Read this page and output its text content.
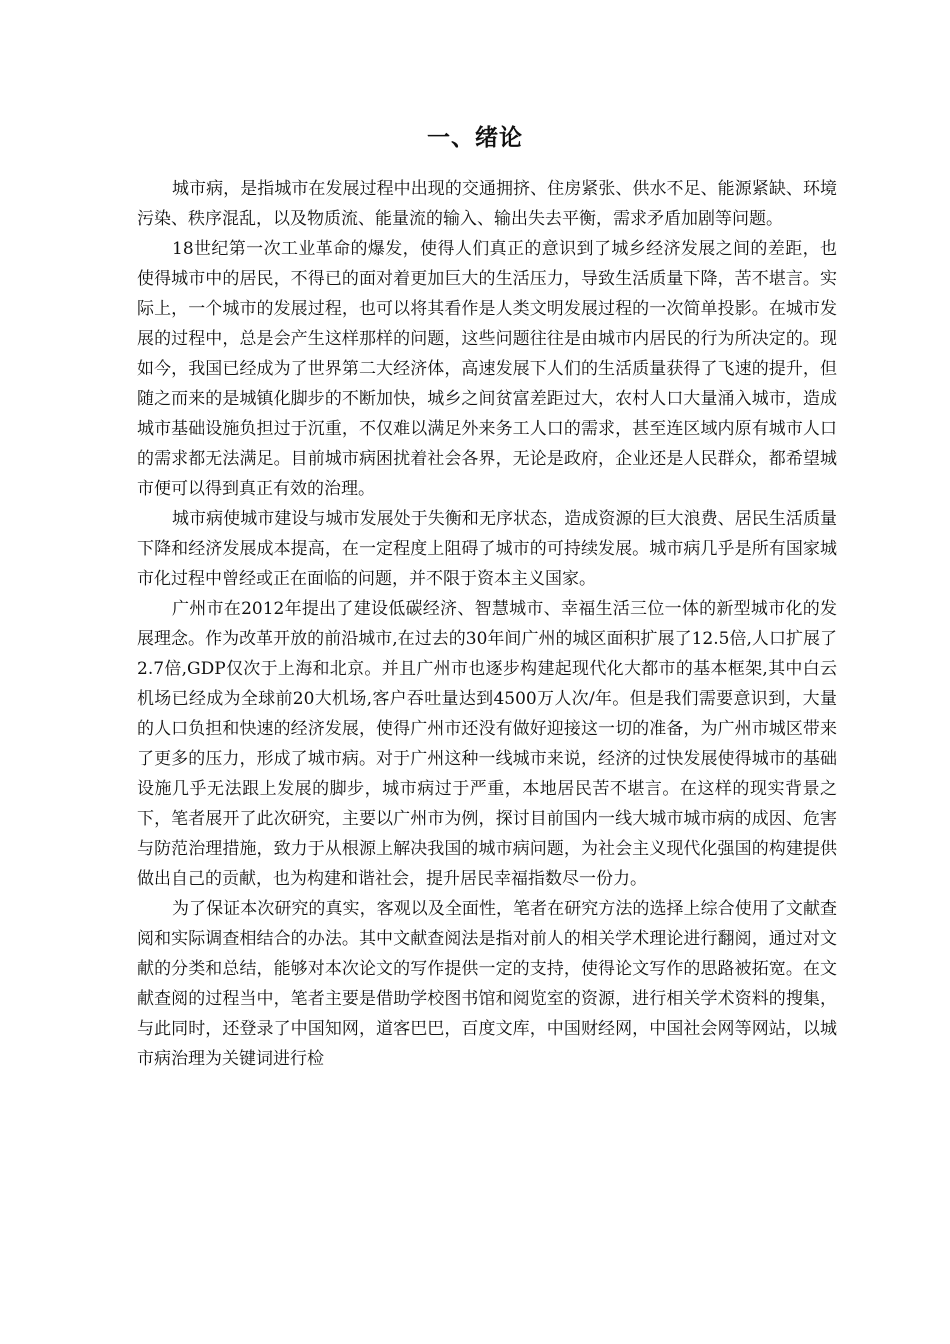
一、绪论

城市病，是指城市在发展过程中出现的交通拥挤、住房紧张、供水不足、能源紧缺、环境污染、秩序混乱，以及物质流、能量流的输入、输出失去平衡，需求矛盾加剧等问题。

18世纪第一次工业革命的爆发，使得人们真正的意识到了城乡经济发展之间的差距，也使得城市中的居民，不得已的面对着更加巨大的生活压力，导致生活质量下降，苦不堪言。实际上，一个城市的发展过程，也可以将其看作是人类文明发展过程的一次简单投影。在城市发展的过程中，总是会产生这样那样的问题，这些问题往往是由城市内居民的行为所决定的。现如今，我国已经成为了世界第二大经济体，高速发展下人们的生活质量获得了飞速的提升，但随之而来的是城镇化脚步的不断加快，城乡之间贫富差距过大，农村人口大量涌入城市，造成城市基础设施负担过于沉重，不仅难以满足外来务工人口的需求，甚至连区域内原有城市人口的需求都无法满足。目前城市病困扰着社会各界，无论是政府，企业还是人民群众，都希望城市便可以得到真正有效的治理。

城市病使城市建设与城市发展处于失衡和无序状态，造成资源的巨大浪费、居民生活质量下降和经济发展成本提高，在一定程度上阻碍了城市的可持续发展。城市病几乎是所有国家城市化过程中曾经或正在面临的问题，并不限于资本主义国家。

广州市在2012年提出了建设低碳经济、智慧城市、幸福生活三位一体的新型城市化的发展理念。作为改革开放的前沿城市,在过去的30年间广州的城区面积扩展了12.5倍,人口扩展了2.7倍,GDP仅次于上海和北京。并且广州市也逐步构建起现代化大都市的基本框架,其中白云机场已经成为全球前20大机场,客户吞吐量达到4500万人次/年。但是我们需要意识到，大量的人口负担和快速的经济发展，使得广州市还没有做好迎接这一切的准备，为广州市城区带来了更多的压力，形成了城市病。对于广州这种一线城市来说，经济的过快发展使得城市的基础设施几乎无法跟上发展的脚步，城市病过于严重，本地居民苦不堪言。在这样的现实背景之下，笔者展开了此次研究，主要以广州市为例，探讨目前国内一线大城市城市病的成因、危害与防范治理措施，致力于从根源上解决我国的城市病问题，为社会主义现代化强国的构建提供做出自己的贡献，也为构建和谐社会，提升居民幸福指数尽一份力。

为了保证本次研究的真实，客观以及全面性，笔者在研究方法的选择上综合使用了文献查阅和实际调查相结合的办法。其中文献查阅法是指对前人的相关学术理论进行翻阅，通过对文献的分类和总结，能够对本次论文的写作提供一定的支持，使得论文写作的思路被拓宽。在文献查阅的过程当中，笔者主要是借助学校图书馆和阅览室的资源，进行相关学术资料的搜集，与此同时，还登录了中国知网，道客巴巴，百度文库，中国财经网，中国社会网等网站，以城市病治理为关键词进行检
